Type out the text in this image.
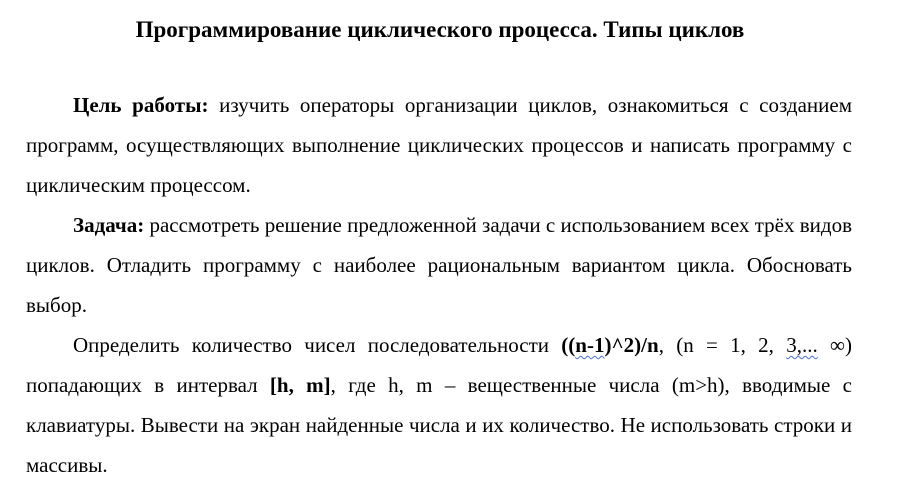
Программирование циклического процесса. Типы циклов

Цель работы: изучить операторы организации циклов, ознакомиться с созданием программ, осуществляющих выполнение циклических процессов и написать программу с циклическим процессом.

Задача: рассмотреть решение предложенной задачи с использованием всех трёх видов циклов. Отладить программу с наиболее рациональным вариантом цикла. Обосновать выбор.

Определить количество чисел последовательности ((n-1)^2)/n, (n = 1, 2, 3,... ∞) попадающих в интервал [h, m], где h, m – вещественные числа (m>h), вводимые с клавиатуры. Вывести на экран найденные числа и их количество. Не использовать строки и массивы.
